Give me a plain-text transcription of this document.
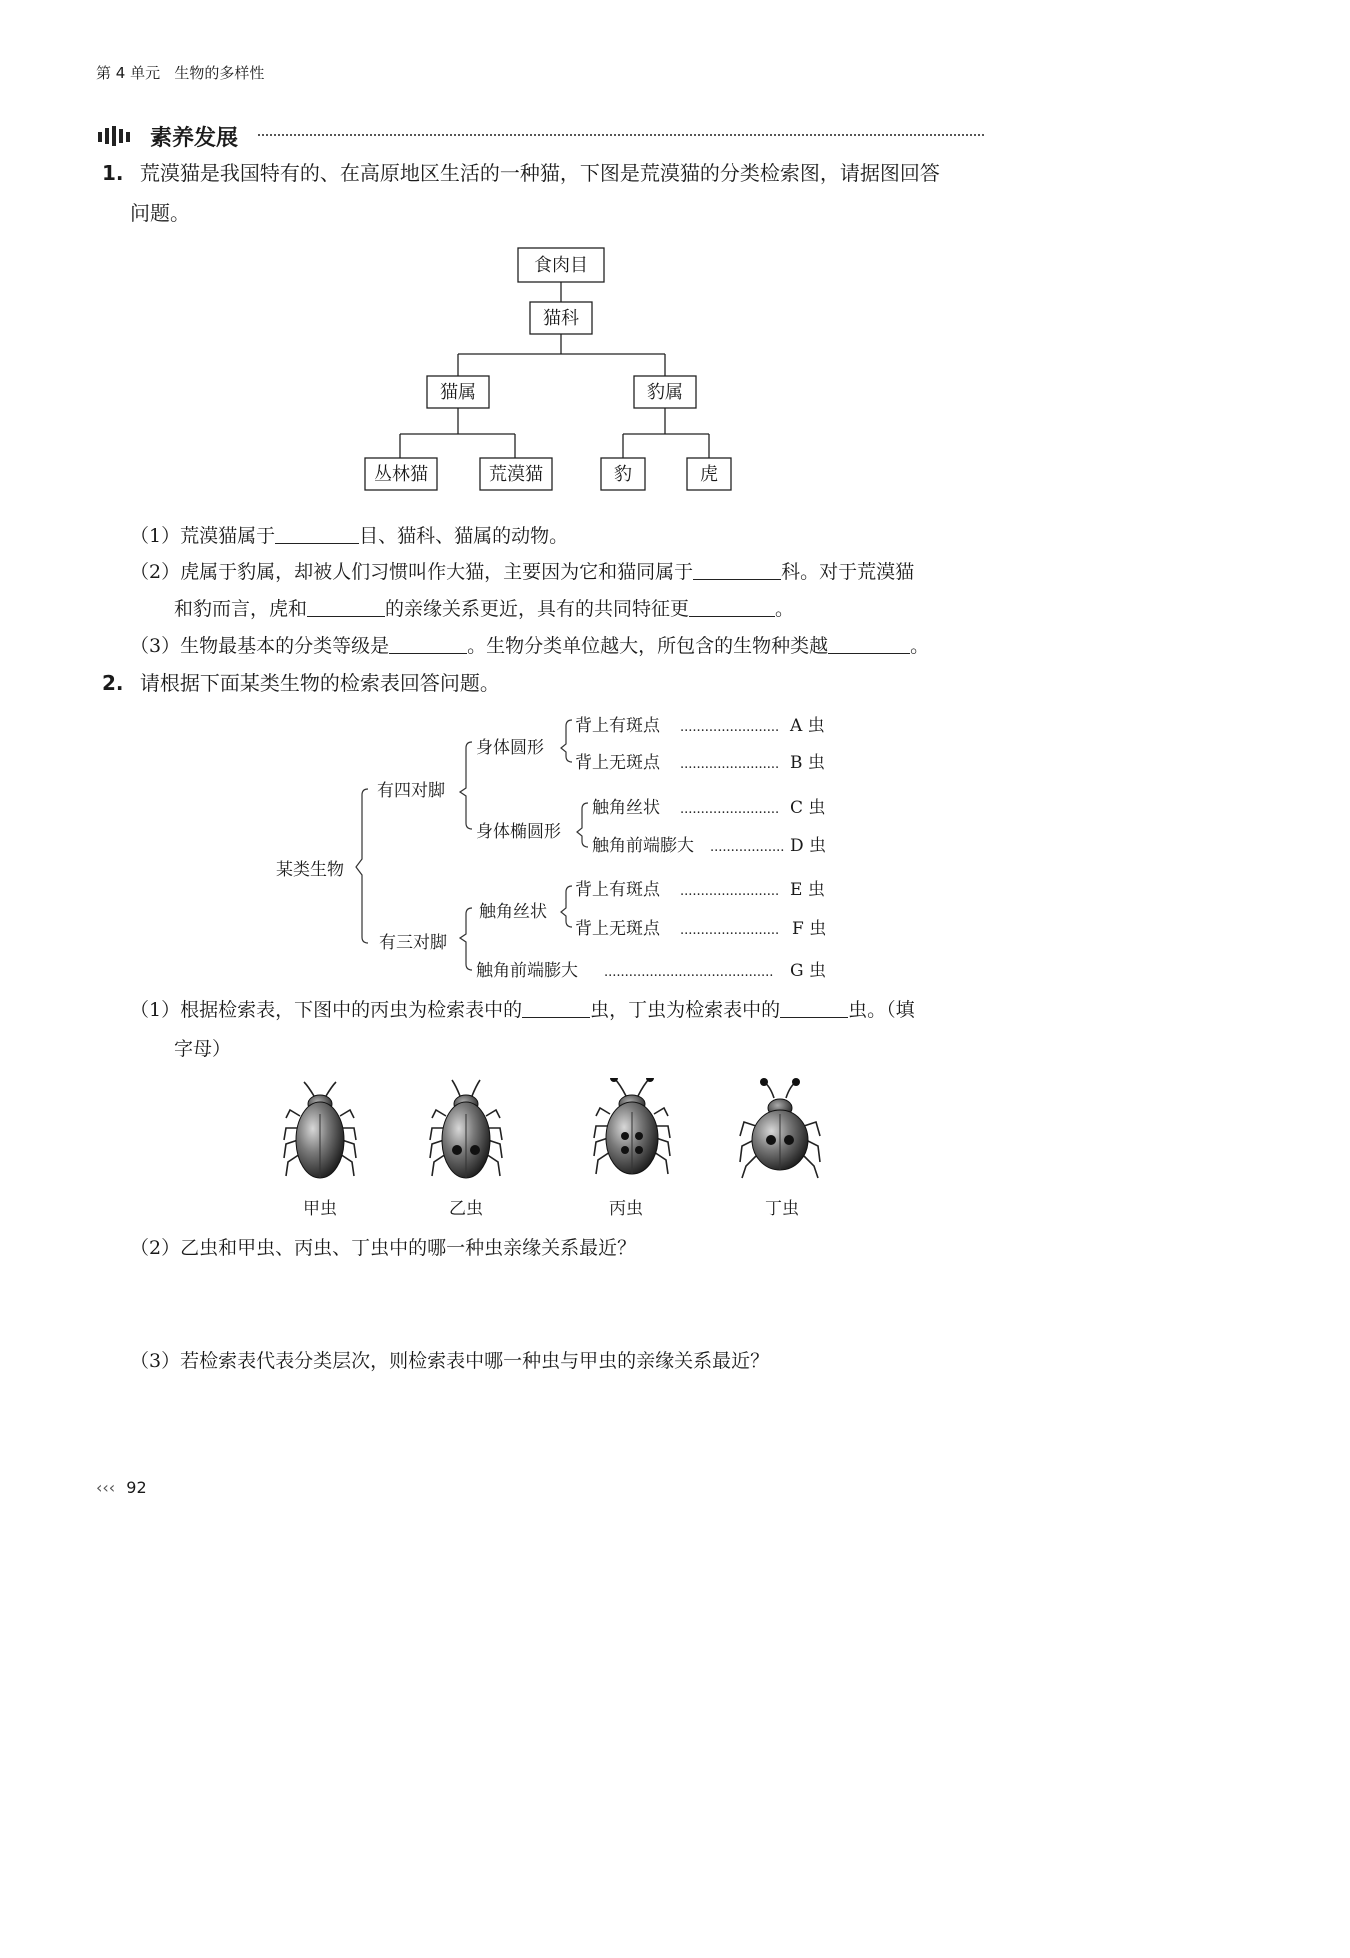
第 4 单元 生物的多样性
素养发展
1. 荒漠猫是我国特有的、在高原地区生活的一种猫，下图是荒漠猫的分类检索图，请据图回答
问题。
食肉目
猫科
猫属	豹属
丛林猫	荒漠猫	豹	虎
（1）荒漠猫属于	目、猫科、猫属的动物。
（2）虎属于豹属，却被人们习惯叫作大猫，主要因为它和猫同属于	科。对于荒漠猫
和豹而言，虎和	的亲缘关系更近，具有的共同特征更	。
（3）生物最基本的分类等级是	。生物分类单位越大，所包含的生物种类越	。
2. 请根据下面某类生物的检索表回答问题。
某类生物
有四对脚
有三对脚
身体圆形
身体椭圆形
触角丝状
触角前端膨大
背上有斑点 ........................ A 虫
背上无斑点 ........................ B 虫
触角丝状 ........................ C 虫
触角前端膨大 .................. D 虫
背上有斑点 ........................ E 虫
背上无斑点 ........................ F 虫
......................................... G 虫
（1）根据检索表，下图中的丙虫为检索表中的	虫，丁虫为检索表中的	虫。（填
字母）
甲虫	乙虫	丙虫	丁虫
（2）乙虫和甲虫、丙虫、丁虫中的哪一种虫亲缘关系最近？
（3）若检索表代表分类层次，则检索表中哪一种虫与甲虫的亲缘关系最近？
‹‹‹ 92
